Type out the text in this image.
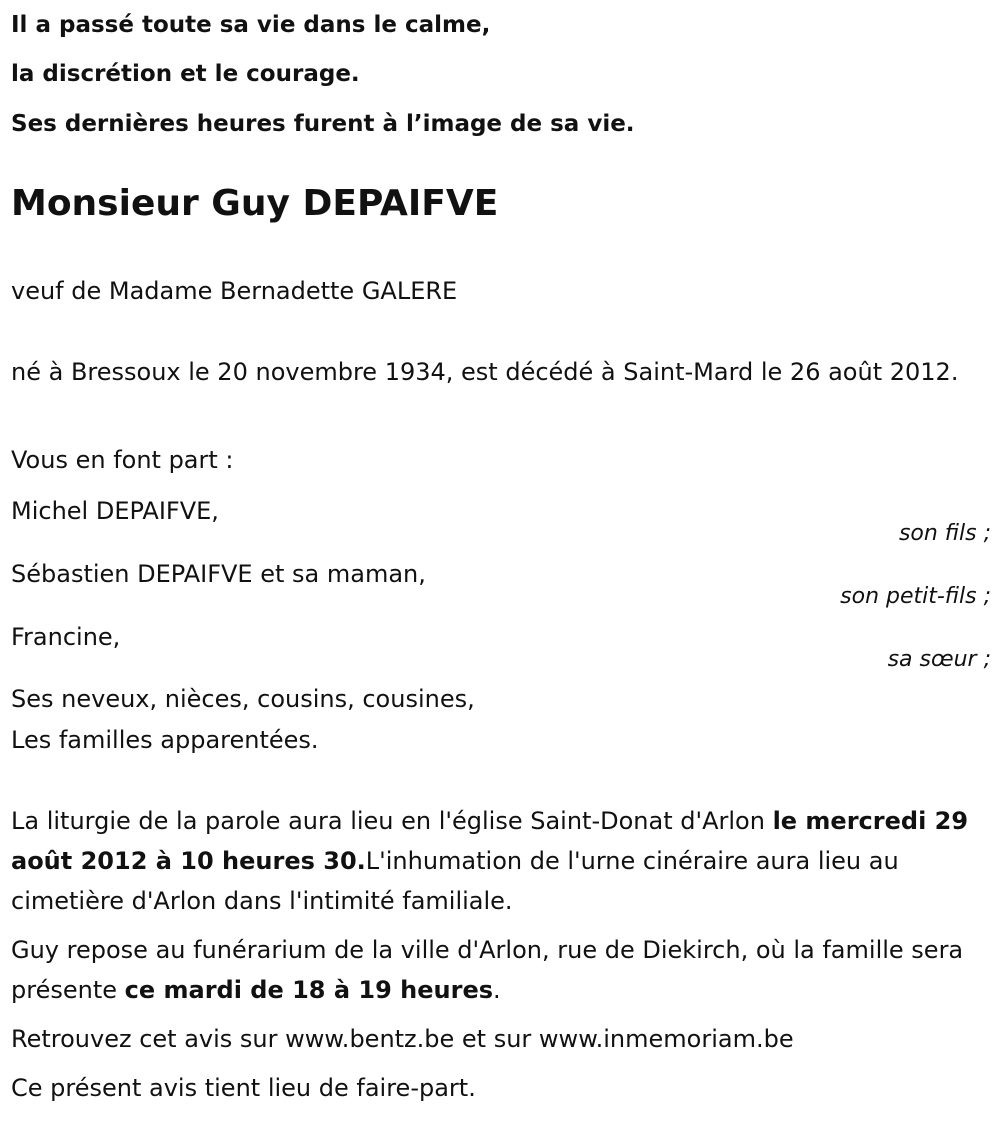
Il a passé toute sa vie dans le calme,
la discrétion et le courage.
Ses dernières heures furent à l’image de sa vie.
Monsieur Guy DEPAIFVE
veuf de Madame Bernadette GALERE
né à Bressoux le 20 novembre 1934, est décédé à Saint-Mard le 26 août 2012.
Vous en font part :
Michel DEPAIFVE,
son fils ;
Sébastien DEPAIFVE et sa maman,
son petit-fils ;
Francine,
sa sœur ;
Ses neveux, nièces, cousins, cousines,
Les familles apparentées.
La liturgie de la parole aura lieu en l'église Saint-Donat d'Arlon le mercredi 29 août 2012 à 10 heures 30.L'inhumation de l'urne cinéraire aura lieu au cimetière d'Arlon dans l'intimité familiale.
Guy repose au funérarium de la ville d'Arlon, rue de Diekirch, où la famille sera présente ce mardi de 18 à 19 heures.
Retrouvez cet avis sur www.bentz.be et sur www.inmemoriam.be
Ce présent avis tient lieu de faire-part.
